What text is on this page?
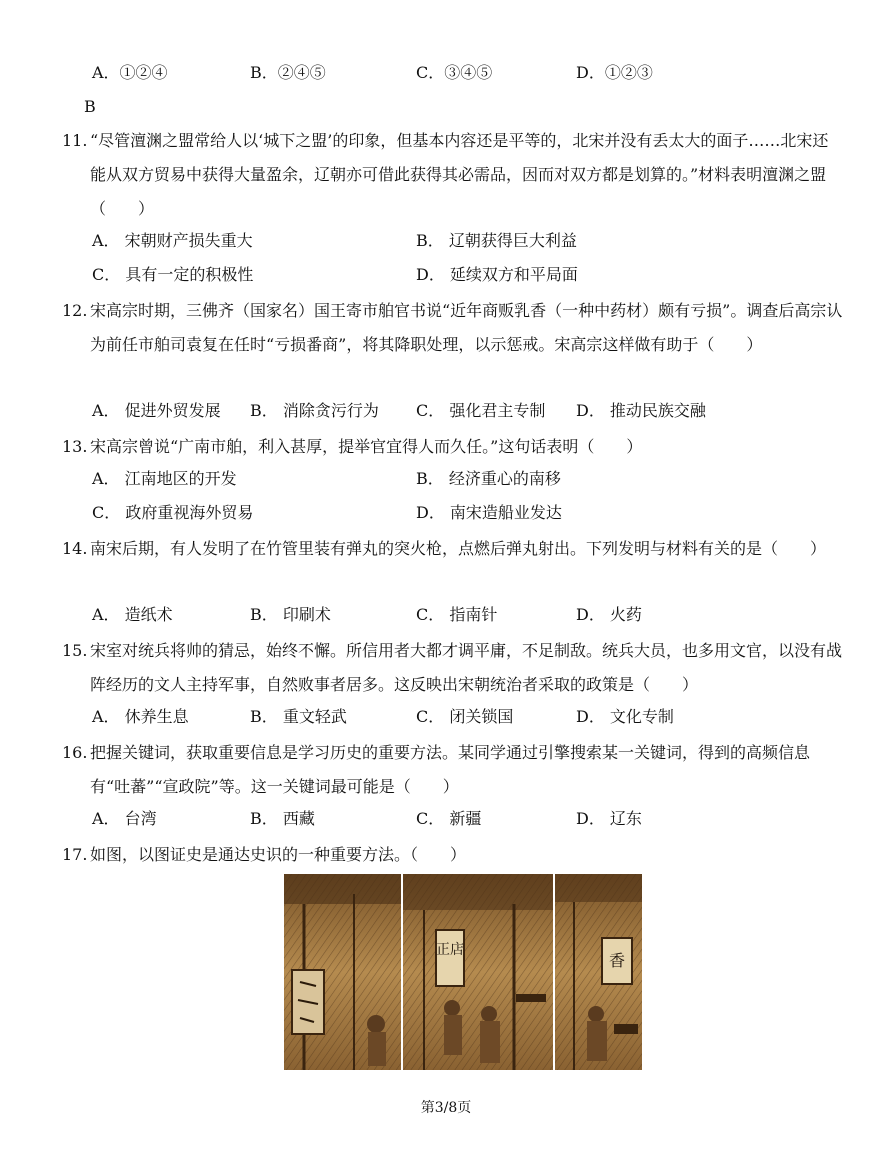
A．①②④	B．②④⑤	C．③④⑤	D．①②③
B
11. “尽管澶渊之盟常给人以‘城下之盟’的印象，但基本内容还是平等的，北宋并没有丢太大的面子……北宋还能从双方贸易中获得大量盈余，辽朝亦可借此获得其必需品，因而对双方都是划算的。”材料表明澶渊之盟（　　）
A． 宋朝财产损失重大	B． 辽朝获得巨大利益
C． 具有一定的积极性	D． 延续双方和平局面
12. 宋高宗时期，三佛齐（国家名）国王寄市舶官书说“近年商贩乳香（一种中药材）颇有亏损”。调查后高宗认为前任市舶司袁复在任时“亏损番商”，将其降职处理，以示惩戒。宋高宗这样做有助于（　　）
A． 促进外贸发展 B． 消除贪污行为 C． 强化君主专制 D． 推动民族交融
13. 宋高宗曾说“广南市舶，利入甚厚，提举官宜得人而久任。”这句话表明（　　）
A． 江南地区的开发	B． 经济重心的南移
C． 政府重视海外贸易	D． 南宋造船业发达
14. 南宋后期，有人发明了在竹管里装有弹丸的突火枪，点燃后弹丸射出。下列发明与材料有关的是（　　）
A． 造纸术	B． 印刷术	C． 指南针	D． 火药
15. 宋室对统兵将帅的猜忌，始终不懈。所信用者大都才调平庸，不足制敌。统兵大员，也多用文官，以没有战阵经历的文人主持军事，自然败事者居多。这反映出宋朝统治者采取的政策是（　　）
A． 休养生息	B． 重文轻武	C． 闭关锁国	D． 文化专制
16. 把握关键词，获取重要信息是学习历史的重要方法。某同学通过引擎搜索某一关键词，得到的高频信息有“吐蕃”“宣政院”等。这一关键词最可能是（　　）
A． 台湾	B． 西藏	C． 新疆	D． 辽东
17. 如图，以图证史是通达史识的一种重要方法。（　　）
正店
香
第3/8页
